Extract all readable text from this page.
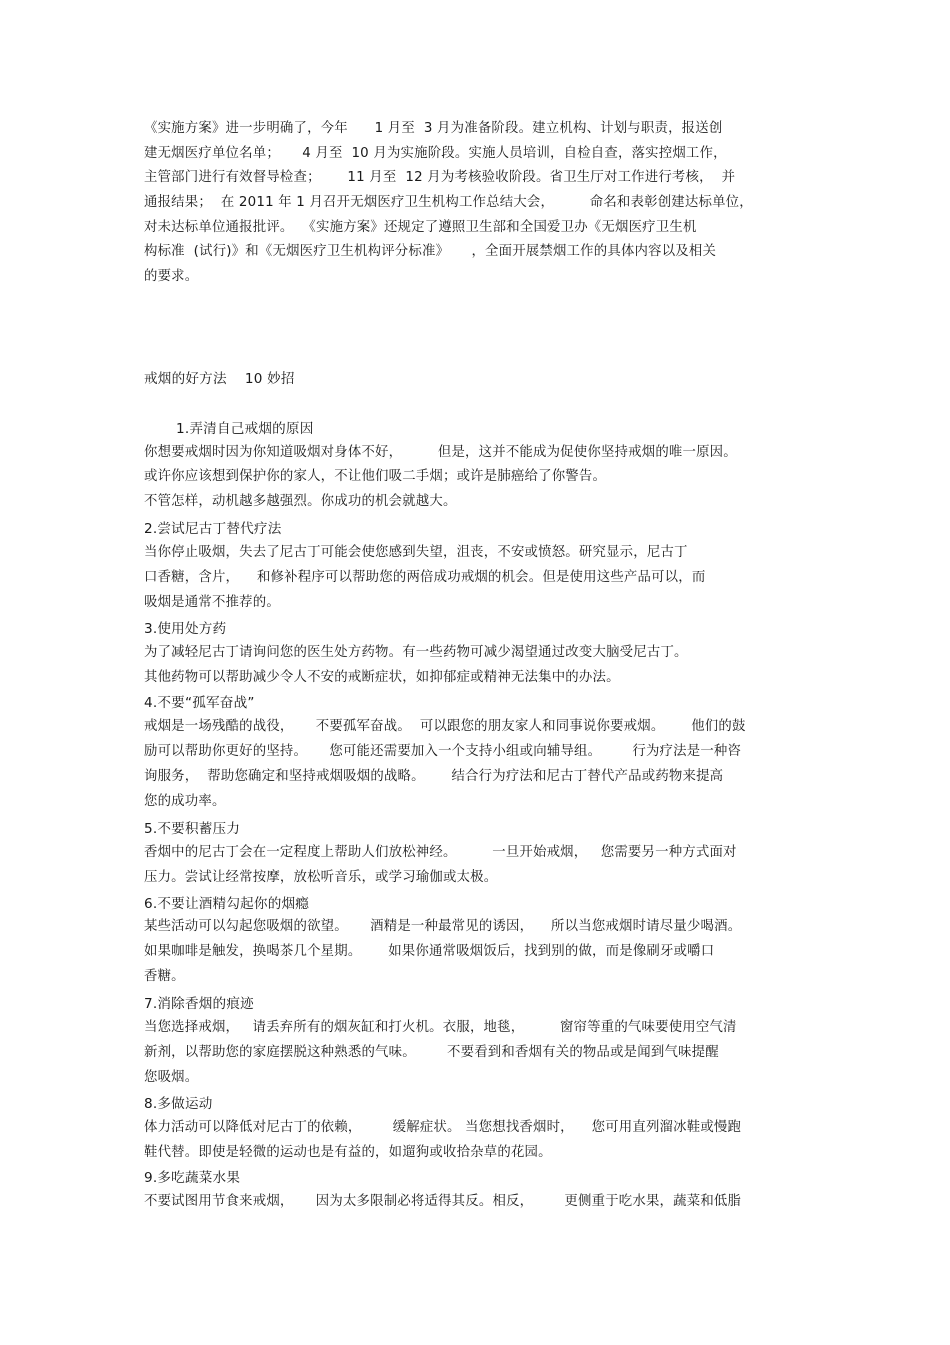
《实施方案》进一步明确了，今年      1 月至  3 月为准备阶段。建立机构、计划与职责，报送创

建无烟医疗单位名单；     4 月至  10 月为实施阶段。实施人员培训，自检自查，落实控烟工作，

主管部门进行有效督导检查；      11 月至  12 月为考核验收阶段。省卫生厅对工作进行考核，  并

通报结果；  在 2011 年 1 月召开无烟医疗卫生机构工作总结大会，        命名和表彰创建达标单位，

对未达标单位通报批评。  《实施方案》还规定了遵照卫生部和全国爱卫办《无烟医疗卫生机

构标准  (试行)》和《无烟医疗卫生机构评分标准》     ，全面开展禁烟工作的具体内容以及相关

的要求。

戒烟的好方法    10 妙招

1.弄清自己戒烟的原因

你想要戒烟时因为你知道吸烟对身体不好，        但是，这并不能成为促使你坚持戒烟的唯一原因。

或许你应该想到保护你的家人，不让他们吸二手烟；或许是肺癌给了你警告。

不管怎样，动机越多越强烈。你成功的机会就越大。

2.尝试尼古丁替代疗法

当你停止吸烟，失去了尼古丁可能会使您感到失望，沮丧，不安或愤怒。研究显示，尼古丁

口香糖，含片，    和修补程序可以帮助您的两倍成功戒烟的机会。但是使用这些产品可以，而

吸烟是通常不推荐的。

3.使用处方药

为了减轻尼古丁请询问您的医生处方药物。有一些药物可减少渴望通过改变大脑受尼古丁。

其他药物可以帮助减少令人不安的戒断症状，如抑郁症或精神无法集中的办法。

4.不要“孤军奋战”

戒烟是一场残酷的战役，     不要孤军奋战。  可以跟您的朋友家人和同事说你要戒烟。      他们的鼓

励可以帮助你更好的坚持。     您可能还需要加入一个支持小组或向辅导组。       行为疗法是一种咨

询服务，  帮助您确定和坚持戒烟吸烟的战略。      结合行为疗法和尼古丁替代产品或药物来提高

您的成功率。

5.不要积蓄压力

香烟中的尼古丁会在一定程度上帮助人们放松神经。        一旦开始戒烟，   您需要另一种方式面对

压力。尝试让经常按摩，放松听音乐，或学习瑜伽或太极。

6.不要让酒精勾起你的烟瘾

某些活动可以勾起您吸烟的欲望。     酒精是一种最常见的诱因，    所以当您戒烟时请尽量少喝酒。

如果咖啡是触发，换喝茶几个星期。      如果你通常吸烟饭后，找到别的做，而是像刷牙或嚼口

香糖。

7.消除香烟的痕迹

当您选择戒烟，   请丢弃所有的烟灰缸和打火机。衣服，地毯，        窗帘等重的气味要使用空气清

新剂，以帮助您的家庭摆脱这种熟悉的气味。       不要看到和香烟有关的物品或是闻到气味提醒

您吸烟。

8.多做运动

体力活动可以降低对尼古丁的依赖，       缓解症状。 当您想找香烟时，    您可用直列溜冰鞋或慢跑

鞋代替。即使是轻微的运动也是有益的，如遛狗或收拾杂草的花园。

9.多吃蔬菜水果

不要试图用节食来戒烟，     因为太多限制必将适得其反。相反，       更侧重于吃水果，蔬菜和低脂
